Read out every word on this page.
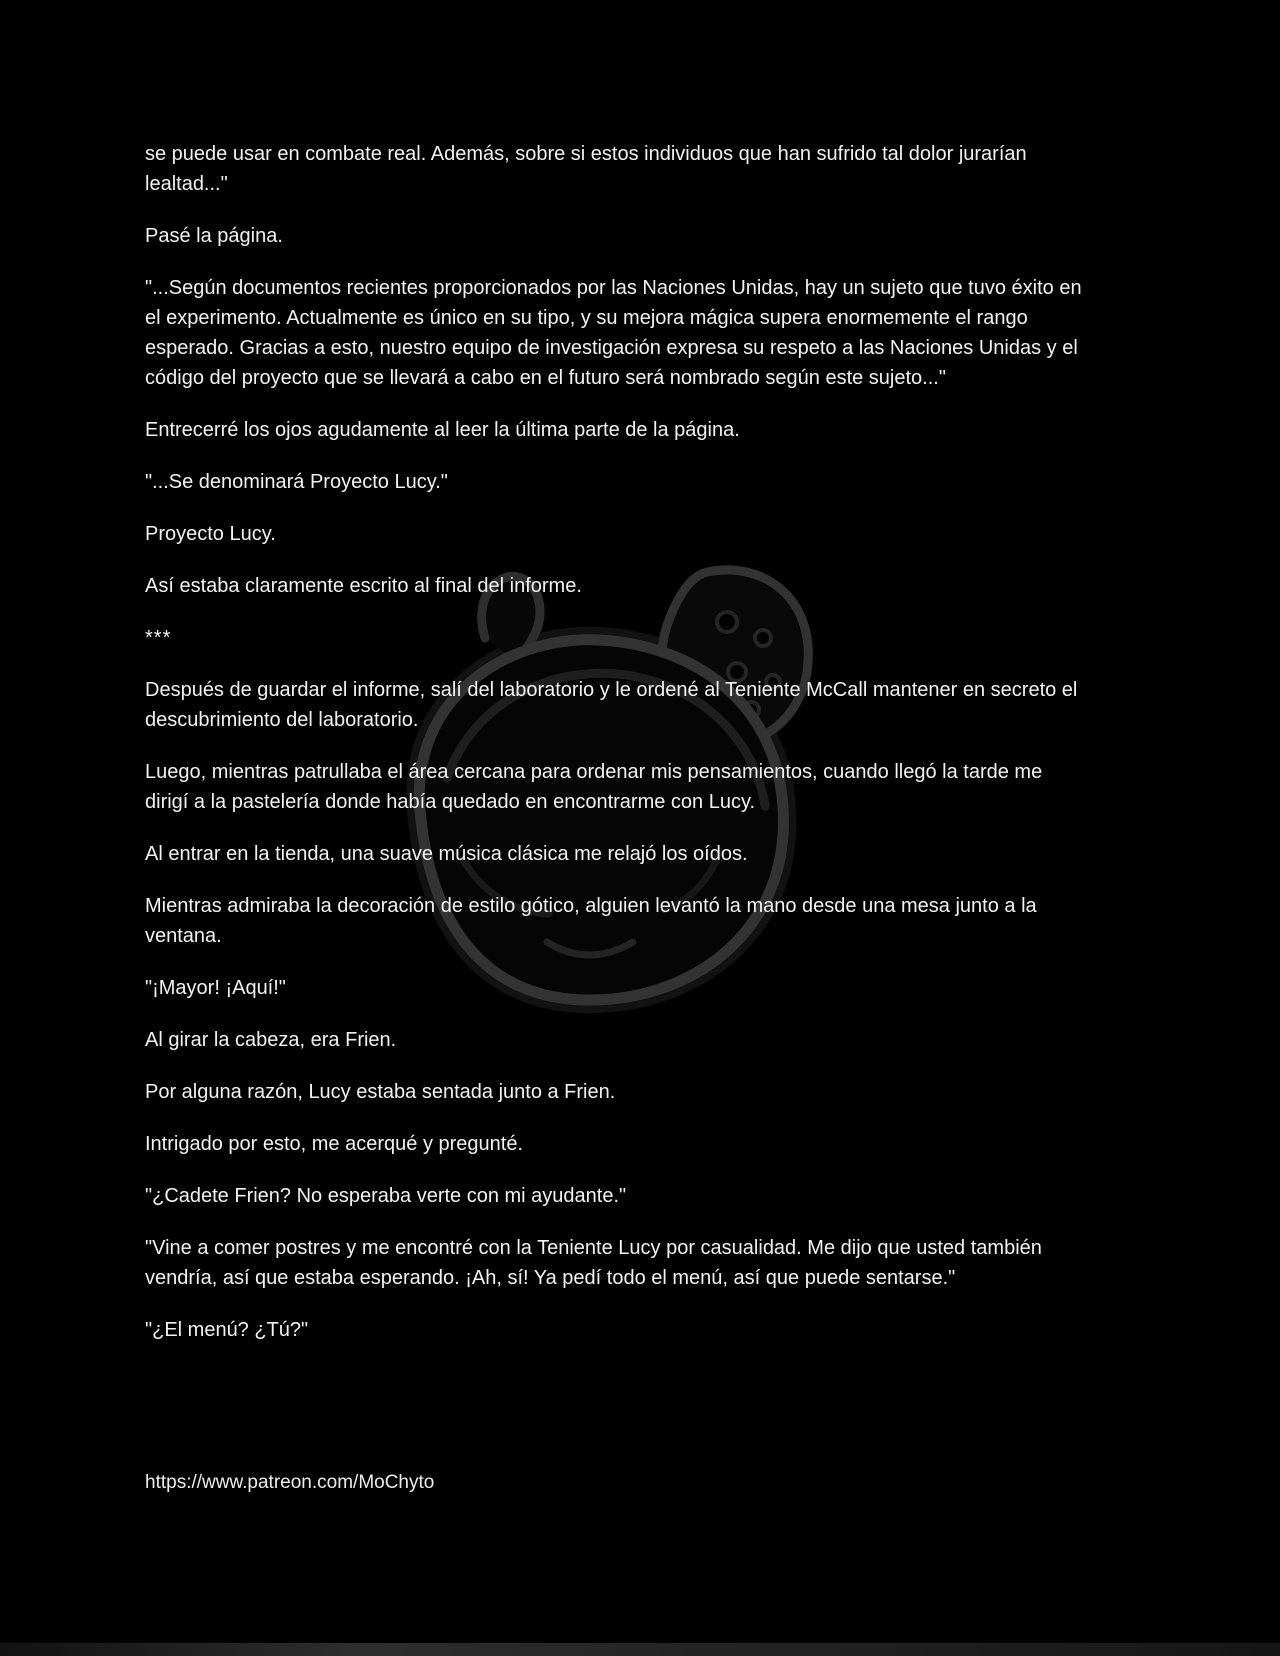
se puede usar en combate real. Además, sobre si estos individuos que han sufrido tal dolor jurarían lealtad..."

Pasé la página.

"...Según documentos recientes proporcionados por las Naciones Unidas, hay un sujeto que tuvo éxito en el experimento. Actualmente es único en su tipo, y su mejora mágica supera enormemente el rango esperado. Gracias a esto, nuestro equipo de investigación expresa su respeto a las Naciones Unidas y el código del proyecto que se llevará a cabo en el futuro será nombrado según este sujeto..."

Entrecerré los ojos agudamente al leer la última parte de la página.

"...Se denominará Proyecto Lucy."

Proyecto Lucy.

Así estaba claramente escrito al final del informe.

***

Después de guardar el informe, salí del laboratorio y le ordené al Teniente McCall mantener en secreto el descubrimiento del laboratorio.

Luego, mientras patrullaba el área cercana para ordenar mis pensamientos, cuando llegó la tarde me dirigí a la pastelería donde había quedado en encontrarme con Lucy.

Al entrar en la tienda, una suave música clásica me relajó los oídos.

Mientras admiraba la decoración de estilo gótico, alguien levantó la mano desde una mesa junto a la ventana.

"¡Mayor! ¡Aquí!"

Al girar la cabeza, era Frien.

Por alguna razón, Lucy estaba sentada junto a Frien.

Intrigado por esto, me acerqué y pregunté.

"¿Cadete Frien? No esperaba verte con mi ayudante."

"Vine a comer postres y me encontré con la Teniente Lucy por casualidad. Me dijo que usted también vendría, así que estaba esperando. ¡Ah, sí! Ya pedí todo el menú, así que puede sentarse."

"¿El menú? ¿Tú?"

https://www.patreon.com/MoChyto
